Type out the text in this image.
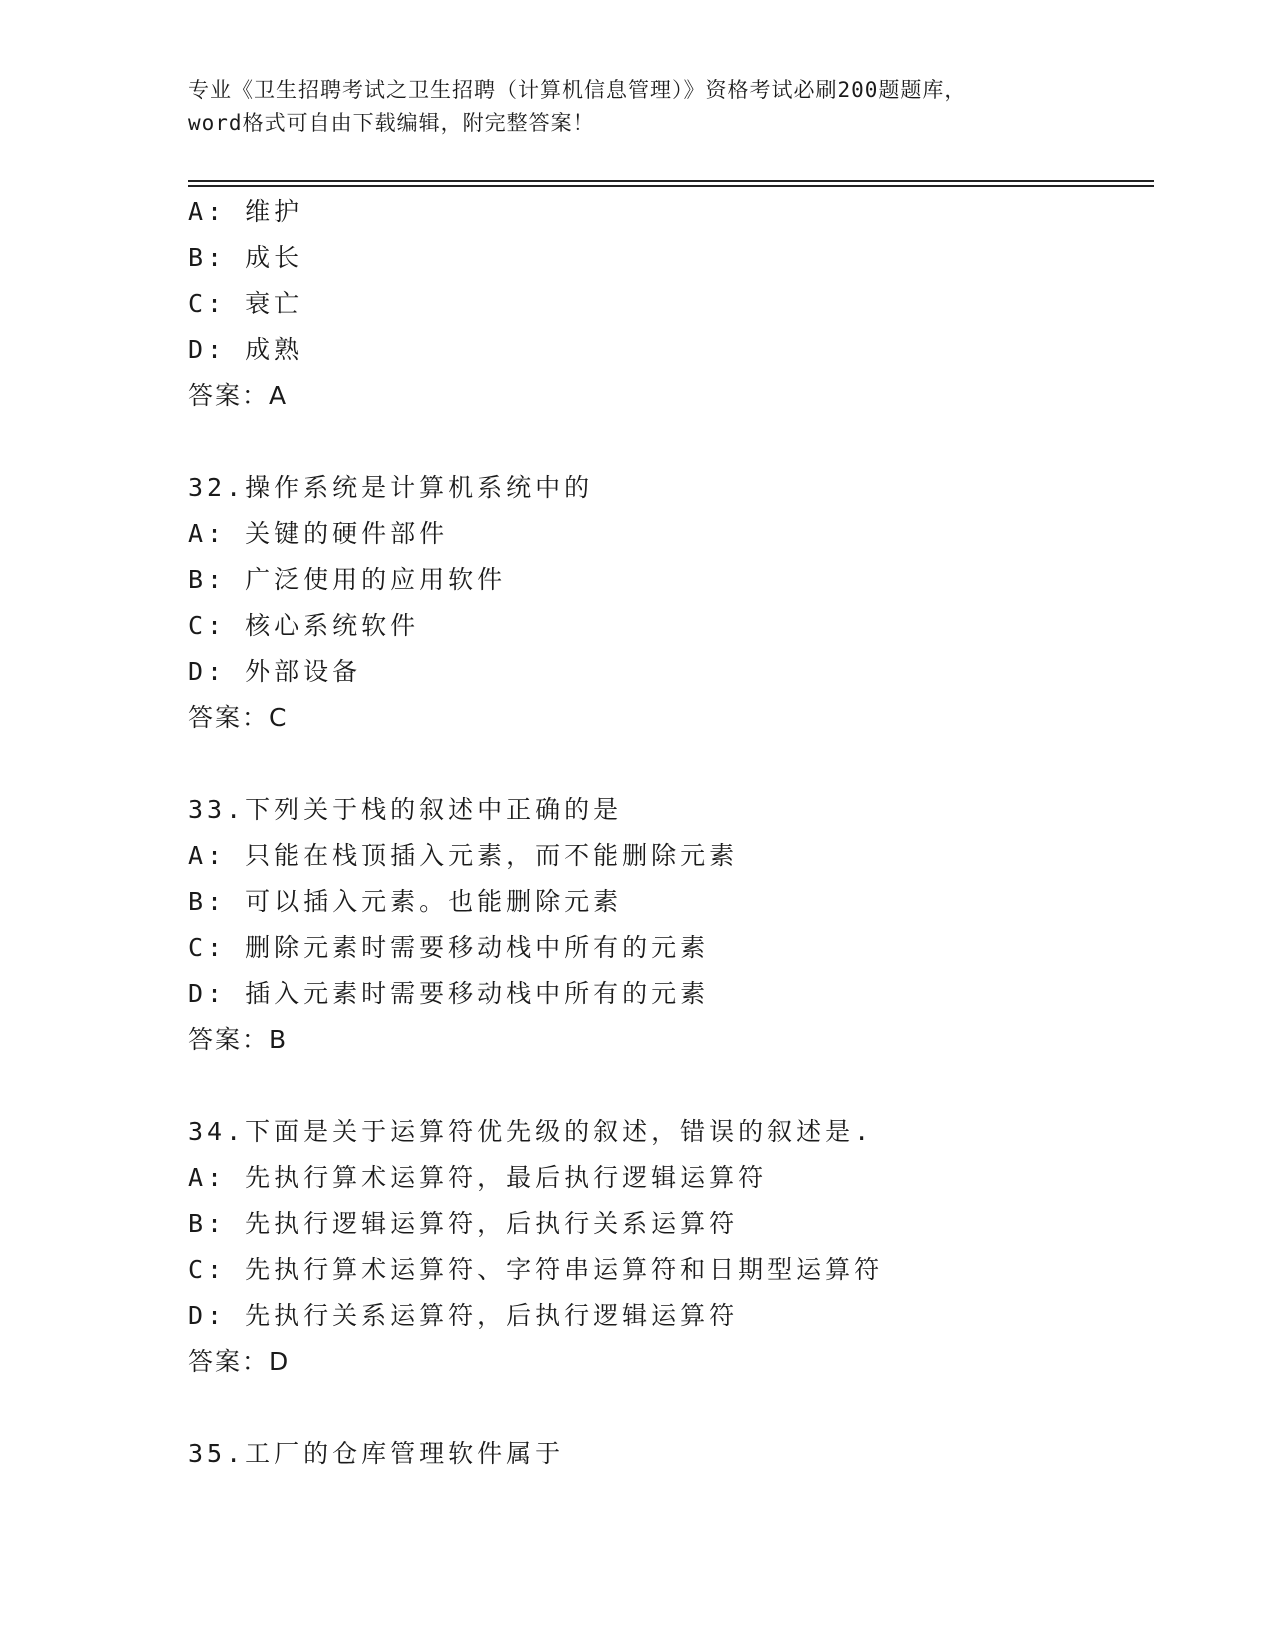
专业《卫生招聘考试之卫生招聘（计算机信息管理）》资格考试必刷200题题库，
word格式可自由下载编辑，附完整答案！
A: 维护
B: 成长
C: 衰亡
D: 成熟
答案：A
32.操作系统是计算机系统中的
A: 关键的硬件部件
B: 广泛使用的应用软件
C: 核心系统软件
D: 外部设备
答案：C
33.下列关于栈的叙述中正确的是
A: 只能在栈顶插入元素，而不能删除元素
B: 可以插入元素。也能删除元素
C: 删除元素时需要移动栈中所有的元素
D: 插入元素时需要移动栈中所有的元素
答案：B
34.下面是关于运算符优先级的叙述，错误的叙述是.
A: 先执行算术运算符，最后执行逻辑运算符
B: 先执行逻辑运算符，后执行关系运算符
C: 先执行算术运算符、字符串运算符和日期型运算符
D: 先执行关系运算符，后执行逻辑运算符
答案：D
35.工厂的仓库管理软件属于
